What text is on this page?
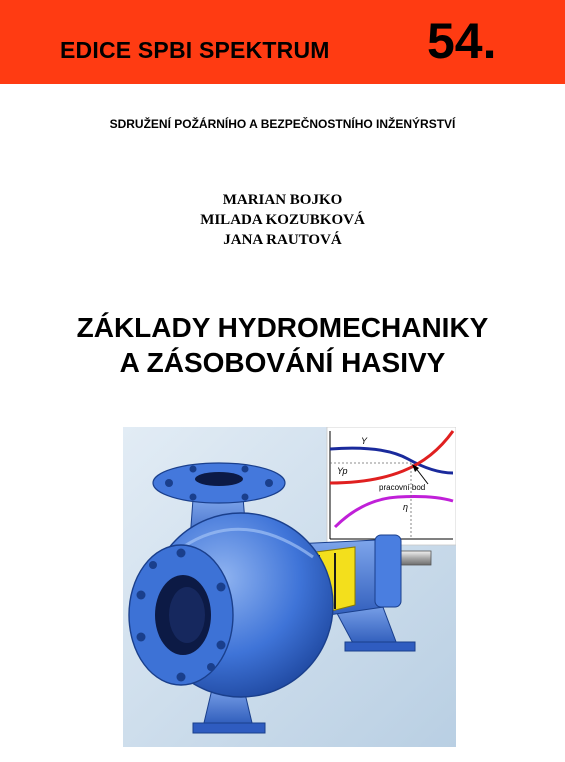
EDICE SPBI SPEKTRUM 54.
SDRUŽENÍ POŽÁRNÍHO A BEZPEČNOSTNÍHO INŽENÝRSTVÍ
MARIAN BOJKO
MILADA KOZUBKOVÁ
JANA RAUTOVÁ
ZÁKLADY HYDROMECHANIKY
A ZÁSOBOVÁNÍ HASIVY
Y
Yp
pracovní bod
η
